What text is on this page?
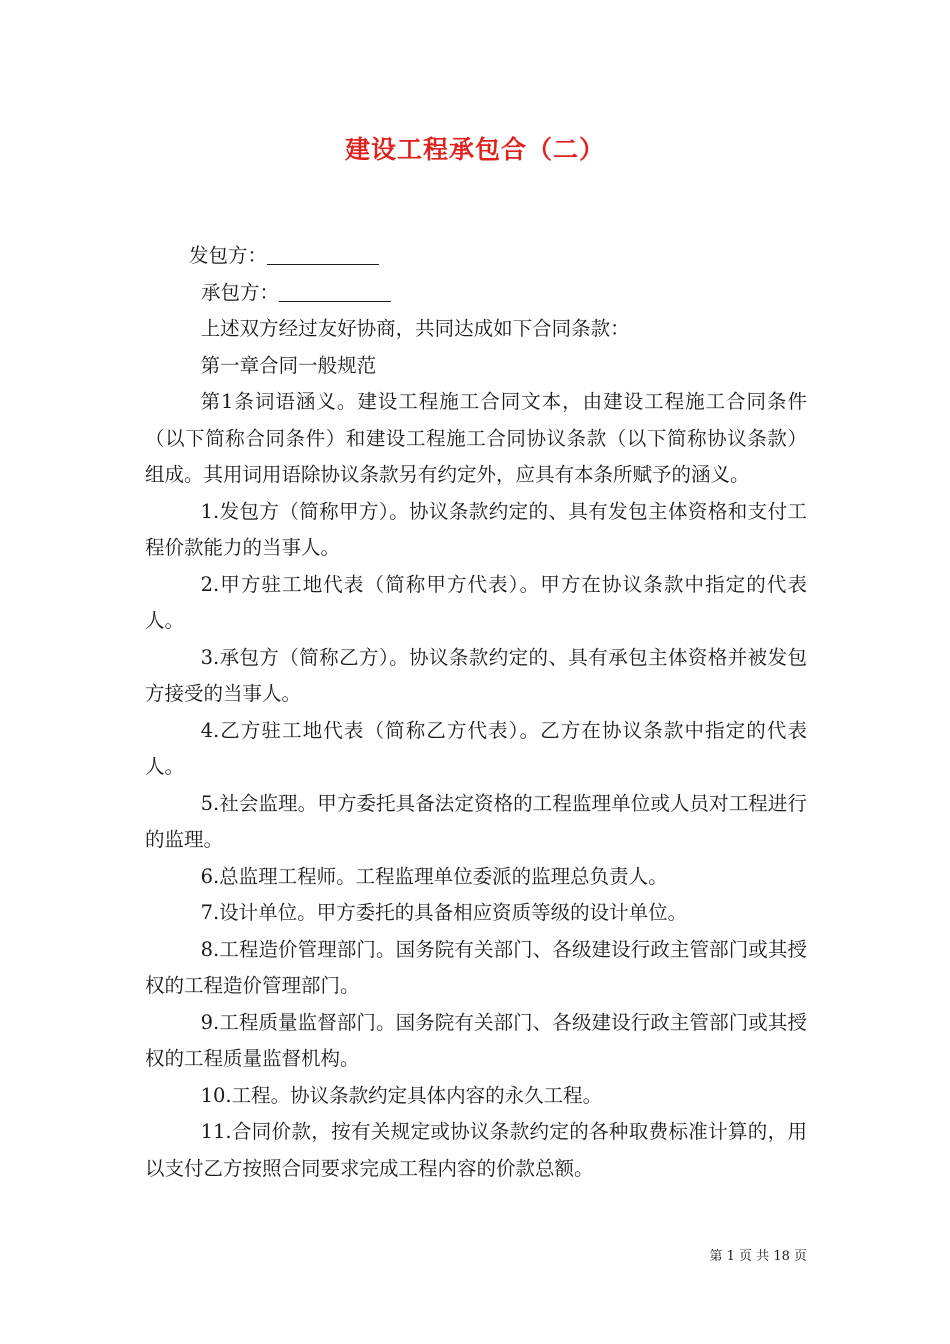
建设工程承包合（二）

发包方：

承包方：

上述双方经过友好协商，共同达成如下合同条款：

第一章合同一般规范

第1条词语涵义。建设工程施工合同文本，由建设工程施工合同条件（以下简称合同条件）和建设工程施工合同协议条款（以下简称协议条款）组成。其用词用语除协议条款另有约定外，应具有本条所赋予的涵义。

1.发包方（简称甲方）。协议条款约定的、具有发包主体资格和支付工程价款能力的当事人。

2.甲方驻工地代表（简称甲方代表）。甲方在协议条款中指定的代表人。

3.承包方（简称乙方）。协议条款约定的、具有承包主体资格并被发包方接受的当事人。

4.乙方驻工地代表（简称乙方代表）。乙方在协议条款中指定的代表人。

5.社会监理。甲方委托具备法定资格的工程监理单位或人员对工程进行的监理。

6.总监理工程师。工程监理单位委派的监理总负责人。

7.设计单位。甲方委托的具备相应资质等级的设计单位。

8.工程造价管理部门。国务院有关部门、各级建设行政主管部门或其授权的工程造价管理部门。

9.工程质量监督部门。国务院有关部门、各级建设行政主管部门或其授权的工程质量监督机构。

10.工程。协议条款约定具体内容的永久工程。

11.合同价款，按有关规定或协议条款约定的各种取费标准计算的，用以支付乙方按照合同要求完成工程内容的价款总额。

第 1 页 共 18 页
